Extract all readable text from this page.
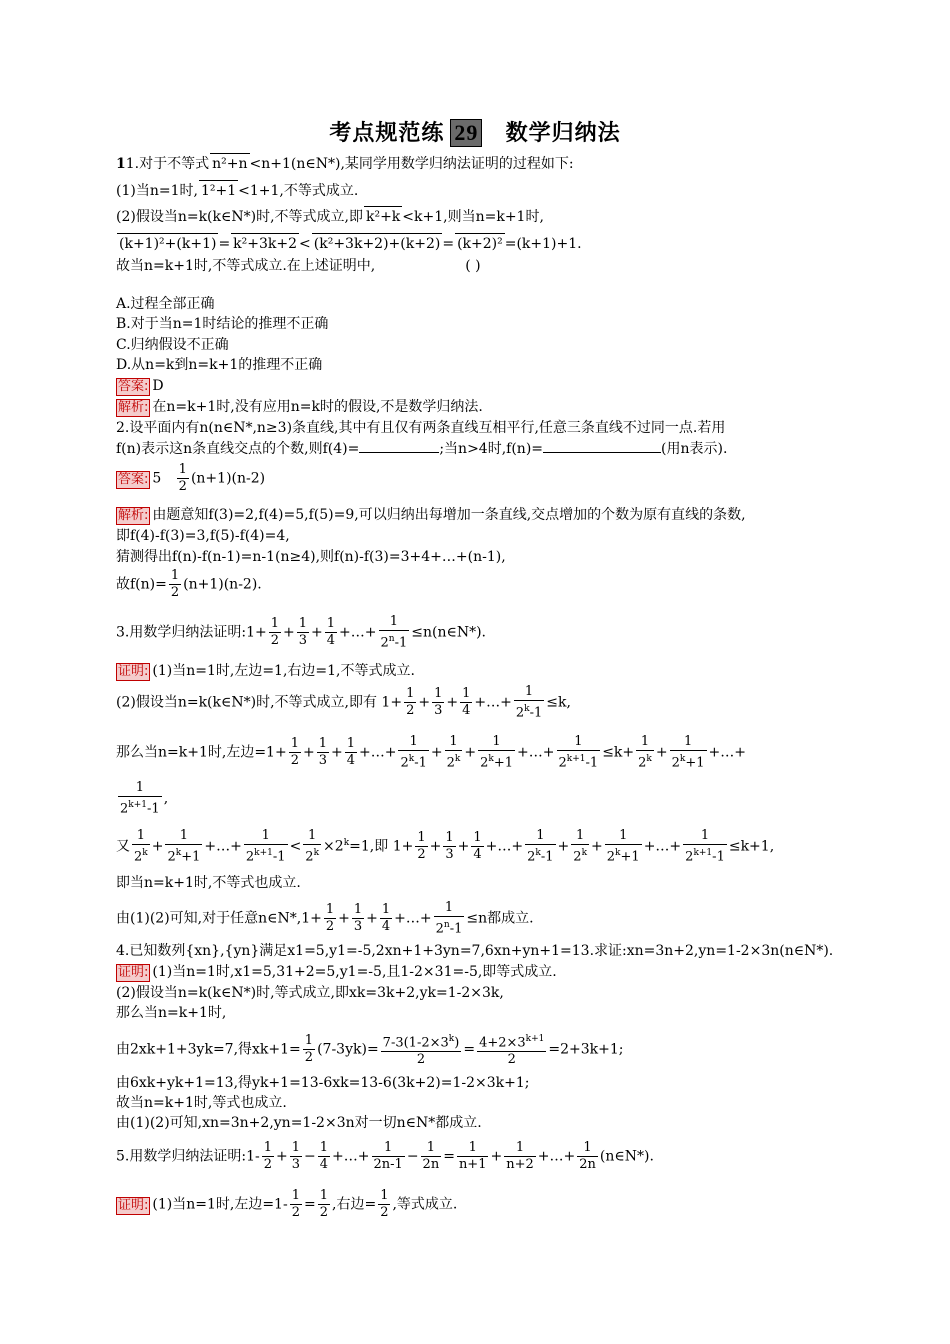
考点规范练 29 数学归纳法
11.对于不等式 n²+n <n+1(n∈N*),某同学用数学归纳法证明的过程如下:
(1)当n=1时, 1²+1 <1+1,不等式成立.
(2)假设当n=k(k∈N*)时,不等式成立,即 k²+k <k+1,则当n=k+1时,
(k+1)²+(k+1) = k²+3k+2 < (k²+3k+2)+(k+2) = (k+2)² =(k+1)+1.
故当n=k+1时,不等式成立.在上述证明中,	( )
A.过程全部正确
B.对于当n=1时结论的推理不正确
C.归纳假设不正确
D.从n=k到n=k+1的推理不正确
答案: D
解析: 在n=k+1时,没有应用n=k时的假设,不是数学归纳法.
2.设平面内有n(n∈N*,n≥3)条直线,其中有且仅有两条直线互相平行,任意三条直线不过同一点.若用
f(n)表示这n条直线交点的个数,则f(4)=	;当n>4时,f(n)=	(用n表示).
答案: $5 \frac{1}{2} (n+1)(n-2)$
解析: 由题意知f(3)=2,f(4)=5,f(5)=9,可以归纳出每增加一条直线,交点增加的个数为原有直线的条数,
即f(4)-f(3)=3,f(5)-f(4)=4,
猜测得出f(n)-f(n-1)=n-1(n≥4),则f(n)-f(3)=3+4+…+(n-1),
故$f(n)= \frac{1}{2} (n+1)(n-2)$.
3.用数学归纳法证明:1+ $\frac{1}{2} + \frac{1}{3} + \frac{1}{4}$ +…+ $\frac{1}{2^n-1}$ ≤n(n∈N*).
证明: (1)当n=1时,左边=1,右边=1,不等式成立.
(2)假设当n=k(k∈N*)时,不等式成立,即有 $1+ \frac{1}{2} + \frac{1}{3} + \frac{1}{4}$ +…+ $\frac{1}{2^k-1} \le k$,
那么当n=k+1时,左边$=1+ \frac{1}{2} + \frac{1}{3} + \frac{1}{4}$ +…+ $\frac{1}{2^k-1} + \frac{1}{2^k} + \frac{1}{2^k+1}$ +…+ $\frac{1}{2^{k+1}-1} \le k+ \frac{1}{2^k} + \frac{1}{2^k+1}$ +…+
$\frac{1}{2^{k+1}-1}$ ,
又 $\frac{1}{2^k} + \frac{1}{2^k+1}$ +…+ $\frac{1}{2^{k+1}-1} < \frac{1}{2^k} \times 2^k=1$,即 $1+ \frac{1}{2} + \frac{1}{3} + \frac{1}{4}$ +…+ $\frac{1}{2^k-1} + \frac{1}{2^k} + \frac{1}{2^k+1}$ +…+ $\frac{1}{2^{k+1}-1} \le k+1$,
即当n=k+1时,不等式也成立.
由(1)(2)可知,对于任意n∈N*,1+ $\frac{1}{2} + \frac{1}{3} + \frac{1}{4}$ +…+ $\frac{1}{2^n-1} \le n$都成立.
4.已知数列{xn},{yn}满足x1=5,y1=-5,2xn+1+3yn=7,6xn+yn+1=13.求证:xn=3n+2,yn=1-2×3n(n∈N*).
证明: (1)当n=1时,x1=5,31+2=5,y1=-5,且1-2×31=-5,即等式成立.
(2)假设当n=k(k∈N*)时,等式成立,即xk=3k+2,yk=1-2×3k,
那么当n=k+1时,
由2xk+1+3yk=7,得$xk+1= \frac{1}{2} (7-3yk)= \frac{7-3(1-2\times 3^k)}{2} = \frac{4+2\times 3^{k+1}}{2} =2+3k+1$;
由6xk+yk+1=13,得yk+1=13-6xk=13-6(3k+2)=1-2×3k+1;
故当n=k+1时,等式也成立.
由(1)(2)可知,xn=3n+2,yn=1-2×3n对一切n∈N*都成立.
5.用数学归纳法证明:1- $\frac{1}{2} + \frac{1}{3} - \frac{1}{4}$ +…+ $\frac{1}{2n-1} - \frac{1}{2n} = \frac{1}{n+1} + \frac{1}{n+2}$ +…+ $\frac{1}{2n}$ (n∈N*).
证明: (1)当n=1时,左边$=1- \frac{1}{2} = \frac{1}{2}$ ,右边= $\frac{1}{2}$ ,等式成立.
